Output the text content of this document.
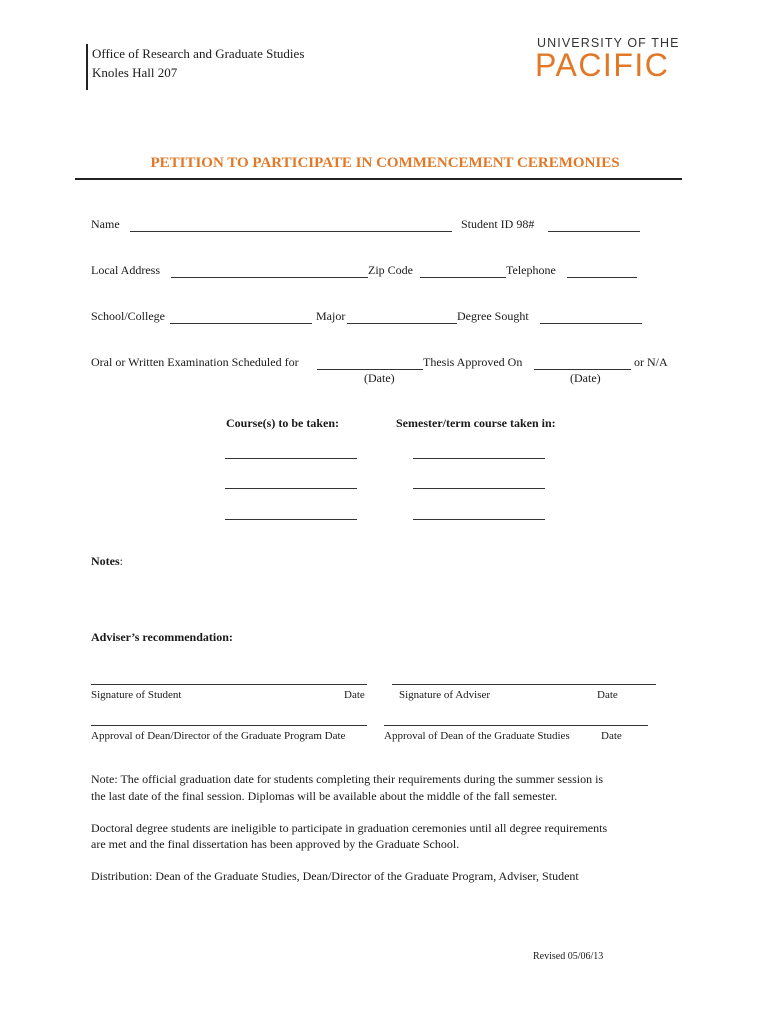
Office of Research and Graduate Studies
Knoles Hall 207
UNIVERSITY OF THE
PACIFIC
PETITION TO PARTICIPATE IN COMMENCEMENT CEREMONIES
Name	Student ID 98#
Local Address	Zip Code	Telephone
School/College	Major	Degree Sought
Oral or Written Examination Scheduled for	Thesis Approved On	or N/A
(Date)	(Date)
Course(s) to be taken:	Semester/term course taken in:
Notes:
Adviser’s recommendation:
Signature of Student	Date	Signature of Adviser	Date
Approval of Dean/Director of the Graduate Program Date	Approval of Dean of the Graduate Studies	Date
Note: The official graduation date for students completing their requirements during the summer session is
the last date of the final session. Diplomas will be available about the middle of the fall semester.
Doctoral degree students are ineligible to participate in graduation ceremonies until all degree requirements
are met and the final dissertation has been approved by the Graduate School.
Distribution: Dean of the Graduate Studies, Dean/Director of the Graduate Program, Adviser, Student
Revised 05/06/13
